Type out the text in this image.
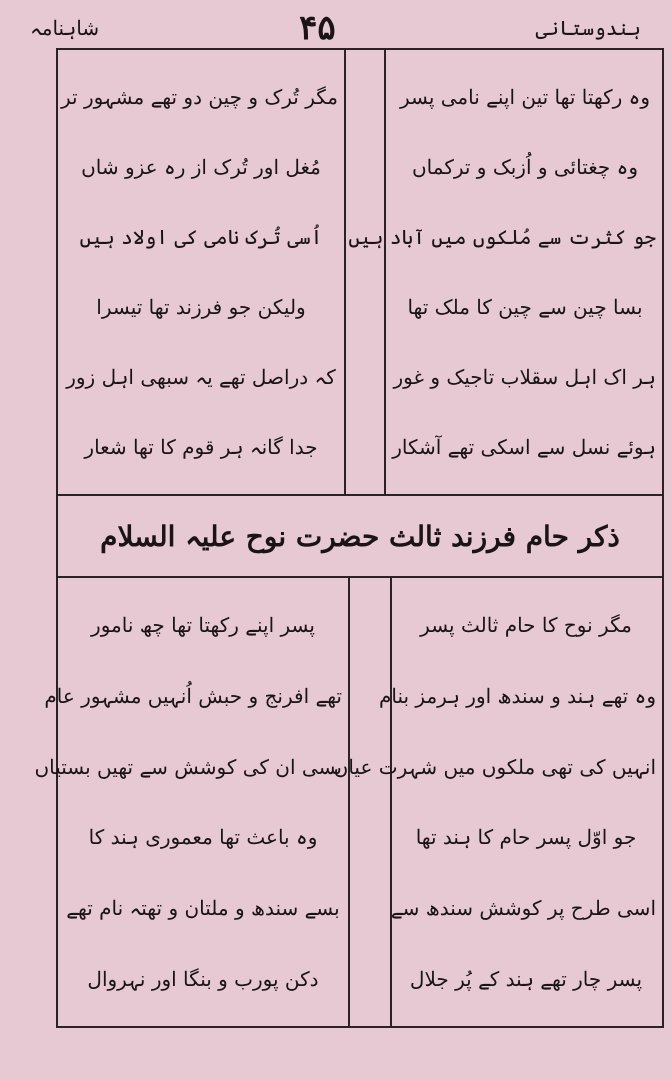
ہندوستانی
۴۵
شاہنامہ
وہ رکھتا تھا تین اپنے نامی پسر
وہ چغتائی و اُزبک و ترکماں
جو کثرت سے مُلکوں میں آباد ہیں
بسا چین سے چین کا ملک تھا
ہر اک اہل سقلاب تاجیک و غور
ہوئے نسل سے اسکی تھے آشکار
مگر تُرک و چین دو تھے مشہور تر
مُغل اور تُرک از رہ عزو شاں
اُسی تُرک نامی کی اولاد ہیں
ولیکن جو فرزند تھا تیسرا
کہ دراصل تھے یہ سبھی اہل زور
جدا گانہ ہر قوم کا تھا شعار
ذکر حام فرزند ثالث حضرت نوح علیہ السلام
مگر نوح کا حام ثالث پسر
وہ تھے ہند و سندھ اور ہرمز بنام
انہیں کی تھی ملکوں میں شہرت عیاں
جو اوّل پسر حام کا ہند تھا
اسی طرح پر کوشش سندھ سے
پسر چار تھے ہند کے پُر جلال
پسر اپنے رکھتا تھا چھ نامور
تھے افرنج و حبش اُنہیں مشہور عام
بسی ان کی کوشش سے تھیں بستیاں
وہ باعث تھا معموری ہند کا
بسے سندھ و ملتان و تھتہ نام تھے
دکن پورب و بنگا اور نہروال
